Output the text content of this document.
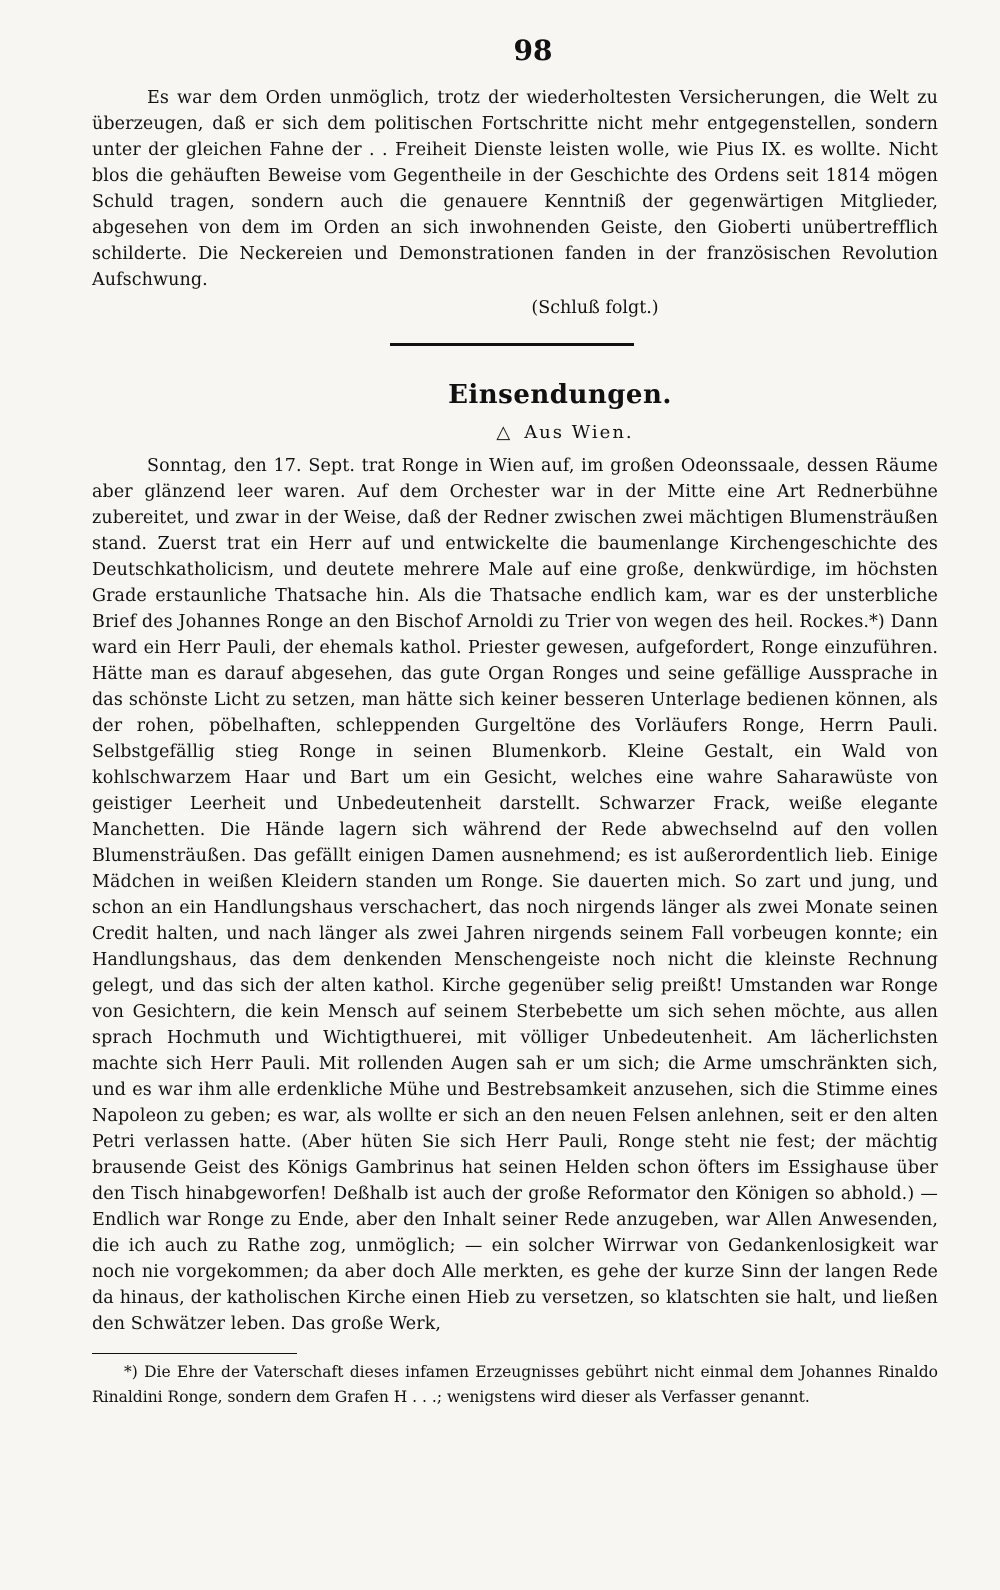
98

Es war dem Orden unmöglich, trotz der wiederholtesten Versicherungen, die Welt zu überzeugen, daß er sich dem politischen Fortschritte nicht mehr entgegenstellen, sondern unter der gleichen Fahne der . . Freiheit Dienste leisten wolle, wie Pius IX. es wollte. Nicht blos die gehäuften Beweise vom Gegentheile in der Geschichte des Ordens seit 1814 mögen Schuld tragen, sondern auch die genauere Kenntniß der gegenwärtigen Mitglieder, abgesehen von dem im Orden an sich inwohnenden Geiste, den Gioberti unübertrefflich schilderte. Die Neckereien und Demonstrationen fanden in der französischen Revolution Aufschwung.

(Schluß folgt.)
Einsendungen.
△ Aus Wien.

Sonntag, den 17. Sept. trat Ronge in Wien auf, im großen Odeonssaale, dessen Räume aber glänzend leer waren. Auf dem Orchester war in der Mitte eine Art Rednerbühne zubereitet, und zwar in der Weise, daß der Redner zwischen zwei mächtigen Blumensträußen stand. Zuerst trat ein Herr auf und entwickelte die baumenlange Kirchengeschichte des Deutschkatholicism, und deutete mehrere Male auf eine große, denkwürdige, im höchsten Grade erstaunliche Thatsache hin. Als die Thatsache endlich kam, war es der unsterbliche Brief des Johannes Ronge an den Bischof Arnoldi zu Trier von wegen des heil. Rockes.*) Dann ward ein Herr Pauli, der ehemals kathol. Priester gewesen, aufgefordert, Ronge einzuführen. Hätte man es darauf abgesehen, das gute Organ Ronges und seine gefällige Aussprache in das schönste Licht zu setzen, man hätte sich keiner besseren Unterlage bedienen können, als der rohen, pöbelhaften, schleppenden Gurgeltöne des Vorläufers Ronge, Herrn Pauli. Selbstgefällig stieg Ronge in seinen Blumenkorb. Kleine Gestalt, ein Wald von kohlschwarzem Haar und Bart um ein Gesicht, welches eine wahre Saharawüste von geistiger Leerheit und Unbedeutenheit darstellt. Schwarzer Frack, weiße elegante Manchetten. Die Hände lagern sich während der Rede abwechselnd auf den vollen Blumensträußen. Das gefällt einigen Damen ausnehmend; es ist außerordentlich lieb. Einige Mädchen in weißen Kleidern standen um Ronge. Sie dauerten mich. So zart und jung, und schon an ein Handlungshaus verschachert, das noch nirgends länger als zwei Monate seinen Credit halten, und nach länger als zwei Jahren nirgends seinem Fall vorbeugen konnte; ein Handlungshaus, das dem denkenden Menschengeiste noch nicht die kleinste Rechnung gelegt, und das sich der alten kathol. Kirche gegenüber selig preißt! Umstanden war Ronge von Gesichtern, die kein Mensch auf seinem Sterbebette um sich sehen möchte, aus allen sprach Hochmuth und Wichtigthuerei, mit völliger Unbedeutenheit. Am lächerlichsten machte sich Herr Pauli. Mit rollenden Augen sah er um sich; die Arme umschränkten sich, und es war ihm alle erdenkliche Mühe und Bestrebsamkeit anzusehen, sich die Stimme eines Napoleon zu geben; es war, als wollte er sich an den neuen Felsen anlehnen, seit er den alten Petri verlassen hatte. (Aber hüten Sie sich Herr Pauli, Ronge steht nie fest; der mächtig brausende Geist des Königs Gambrinus hat seinen Helden schon öfters im Essighause über den Tisch hinabgeworfen! Deßhalb ist auch der große Reformator den Königen so abhold.) — Endlich war Ronge zu Ende, aber den Inhalt seiner Rede anzugeben, war Allen Anwesenden, die ich auch zu Rathe zog, unmöglich; — ein solcher Wirrwar von Gedankenlosigkeit war noch nie vorgekommen; da aber doch Alle merkten, es gehe der kurze Sinn der langen Rede da hinaus, der katholischen Kirche einen Hieb zu versetzen, so klatschten sie halt, und ließen den Schwätzer leben. Das große Werk,

*) Die Ehre der Vaterschaft dieses infamen Erzeugnisses gebührt nicht einmal dem Johannes Rinaldo Rinaldini Ronge, sondern dem Grafen H . . .; wenigstens wird dieser als Verfasser genannt.
